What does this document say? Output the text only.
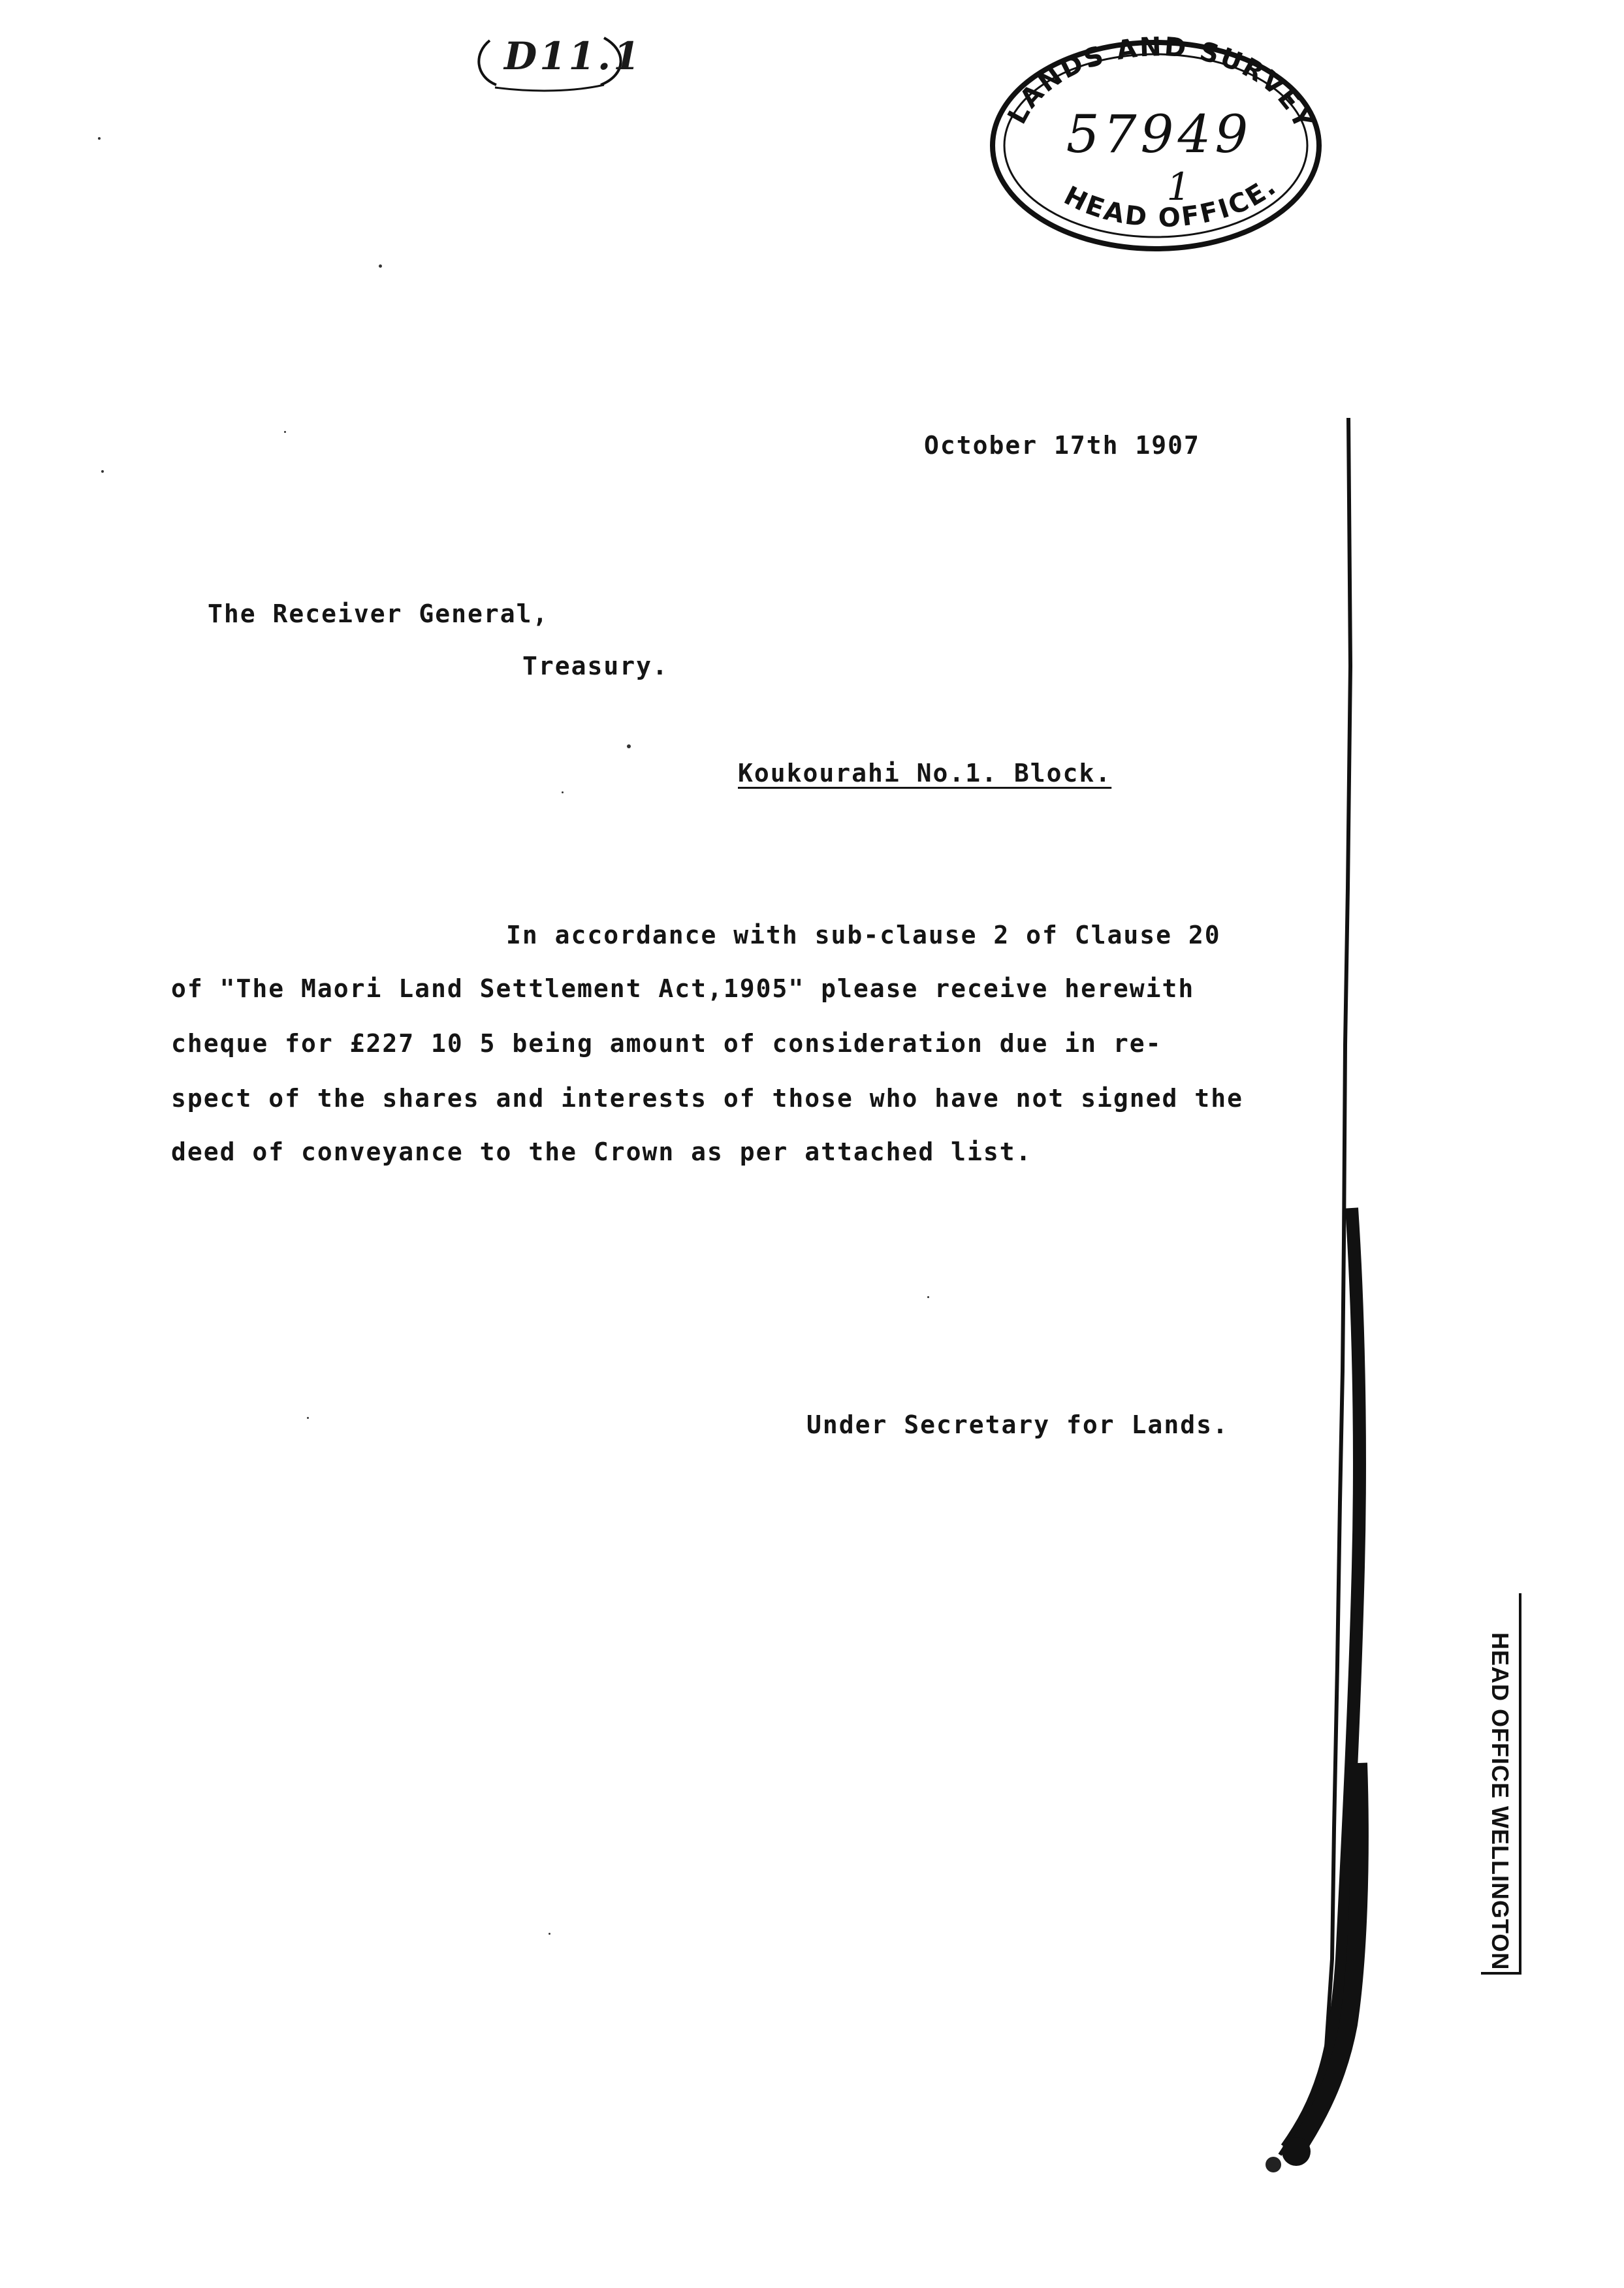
D11.1
LANDS AND SURVEY
HEAD OFFICE.
57949
1
October 17th 1907
The Receiver General,
Treasury.
Koukourahi No.1. Block.
In accordance with sub-clause 2 of Clause 20
of "The Maori Land Settlement Act,1905" please receive herewith
cheque for £227 10 5 being amount of consideration due in re-
spect of the shares and interests of those who have not signed the
deed of conveyance to the Crown as per attached list.
Under Secretary for Lands.
HEAD OFFICE WELLINGTON
